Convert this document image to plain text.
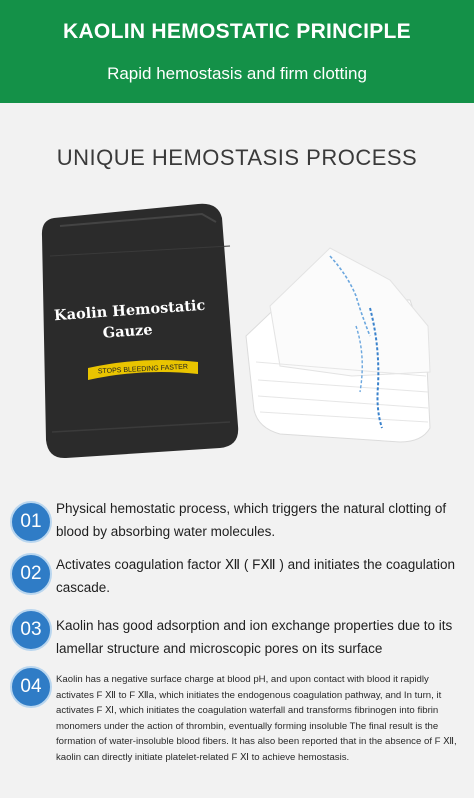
KAOLIN HEMOSTATIC PRINCIPLE
Rapid hemostasis and firm clotting
UNIQUE HEMOSTASIS PROCESS
Kaolin Hemostatic
Gauze
STOPS BLEEDING FASTER
01
Physical hemostatic process, which triggers the natural clotting of blood by absorbing water molecules.
02	Activates coagulation factor Ⅻ ( FⅫ ) and initiates the coagulation cascade.
03	Kaolin has good adsorption and ion exchange properties due to its lamellar structure and microscopic pores on its surface
04	Kaolin has a negative surface charge at blood pH, and upon contact with blood it rapidly activates F Ⅻ to F Ⅻa, which initiates the endogenous coagulation pathway, and In turn, it activates F Ⅺ, which initiates the coagulation waterfall and transforms fibrinogen into fibrin monomers under the action of thrombin, eventually forming insoluble The final result is the formation of water-insoluble blood fibers. It has also been reported that in the absence of F Ⅻ, kaolin can directly initiate platelet-related F Ⅺ to achieve hemostasis.
